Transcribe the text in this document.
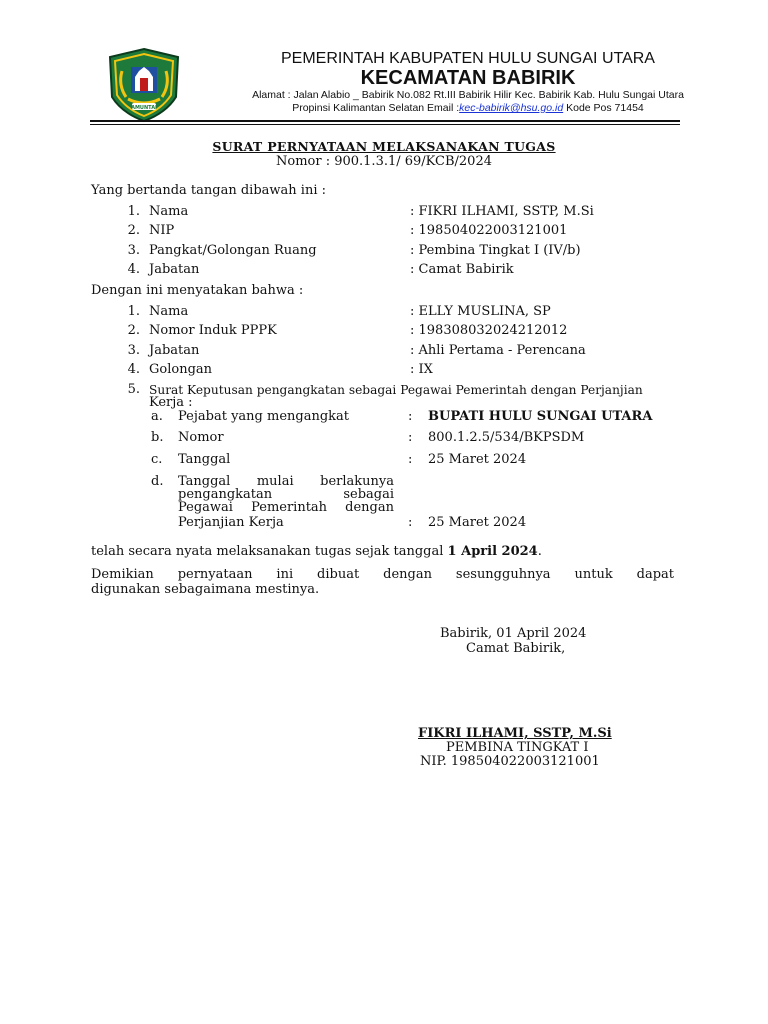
AMUNTAI
PEMERINTAH KABUPATEN HULU SUNGAI UTARA
KECAMATAN BABIRIK
Alamat : Jalan Alabio _ Babirik No.082 Rt.III Babirik Hilir Kec. Babirik Kab. Hulu Sungai Utara
Propinsi Kalimantan Selatan Email :kec-babirik@hsu.go.id Kode Pos 71454
SURAT PERNYATAAN MELAKSANAKAN TUGAS
Nomor : 900.1.3.1/ 69/KCB/2024
Yang bertanda tangan dibawah ini :
1. Nama	: FIKRI ILHAMI, SSTP, M.Si
2. NIP	: 198504022003121001
3. Pangkat/Golongan Ruang	: Pembina Tingkat I (IV/b)
4. Jabatan	: Camat Babirik
Dengan ini menyatakan bahwa :
1. Nama	: ELLY MUSLINA, SP
2. Nomor Induk PPPK	: 198308032024212012
3. Jabatan	: Ahli Pertama - Perencana
4. Golongan	: IX
5. Surat Keputusan pengangkatan sebagai Pegawai Pemerintah dengan Perjanjian
Kerja :
a. Pejabat yang mengangkat	: BUPATI HULU SUNGAI UTARA
b. Nomor	: 800.1.2.5/534/BKPSDM
c. Tanggal	: 25 Maret 2024
d. Tanggal mulai berlakunya
pengangkatan sebagai
Pegawai Pemerintah dengan
Perjanjian Kerja	: 25 Maret 2024
telah secara nyata melaksanakan tugas sejak tanggal 1 April 2024.
Demikian pernyataan ini dibuat dengan sesungguhnya untuk dapat
digunakan sebagaimana mestinya.
Babirik, 01 April 2024
Camat Babirik,
FIKRI ILHAMI, SSTP, M.Si
PEMBINA TINGKAT I
NIP. 198504022003121001
